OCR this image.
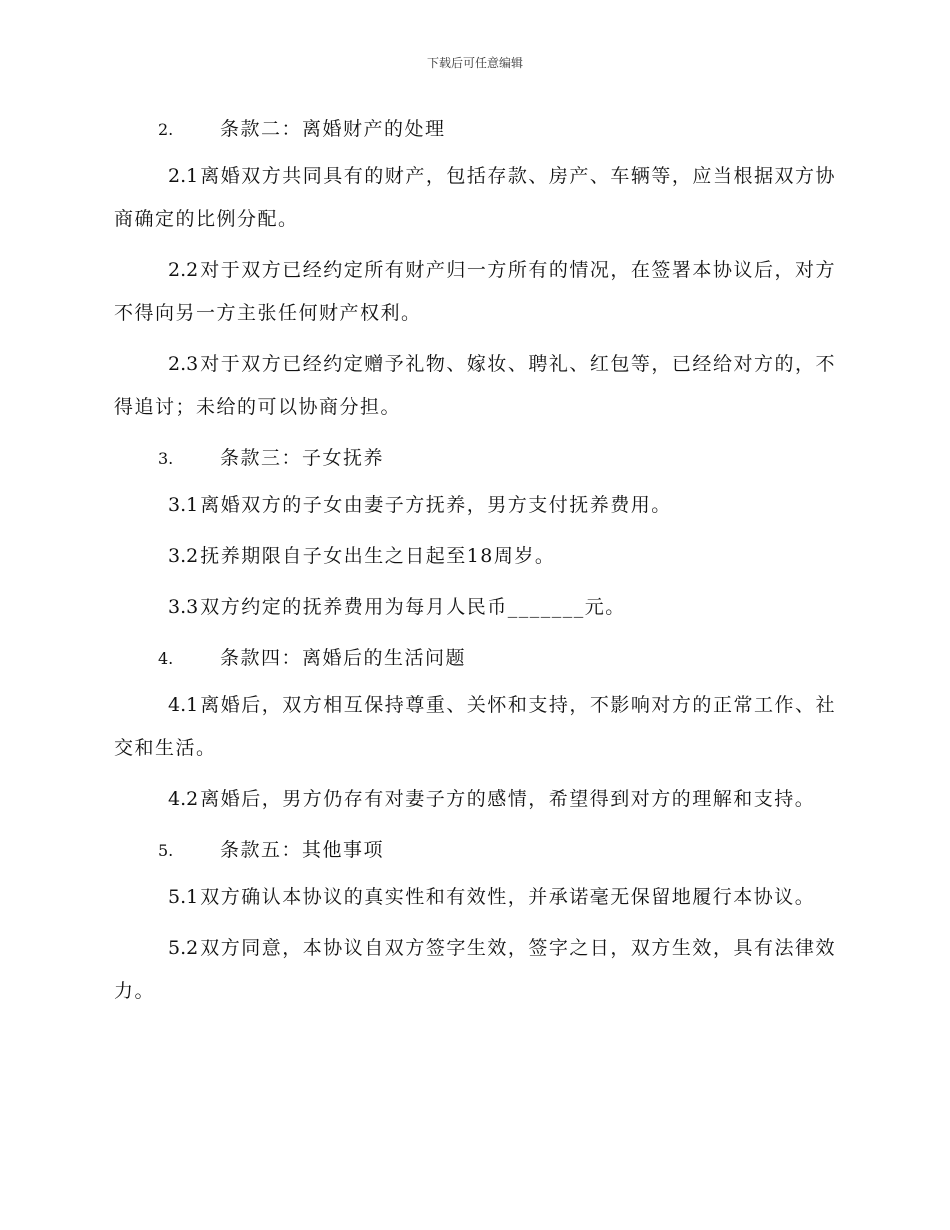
下载后可任意编辑
2. 条款二：离婚财产的处理

2.1 离婚双方共同具有的财产，包括存款、房产、车辆等，应当根据双方协商确定的比例分配。

2.2 对于双方已经约定所有财产归一方所有的情况，在签署本协议后，对方不得向另一方主张任何财产权利。

2.3 对于双方已经约定赠予礼物、嫁妆、聘礼、红包等，已经给对方的，不得追讨；未给的可以协商分担。

3. 条款三：子女抚养

3.1 离婚双方的子女由妻子方抚养，男方支付抚养费用。

3.2 抚养期限自子女出生之日起至18周岁。

3.3 双方约定的抚养费用为每月人民币_______元。

4. 条款四：离婚后的生活问题

4.1 离婚后，双方相互保持尊重、关怀和支持，不影响对方的正常工作、社交和生活。

4.2 离婚后，男方仍存有对妻子方的感情，希望得到对方的理解和支持。

5. 条款五：其他事项

5.1 双方确认本协议的真实性和有效性，并承诺毫无保留地履行本协议。

5.2 双方同意，本协议自双方签字生效，签字之日，双方生效，具有法律效力。
